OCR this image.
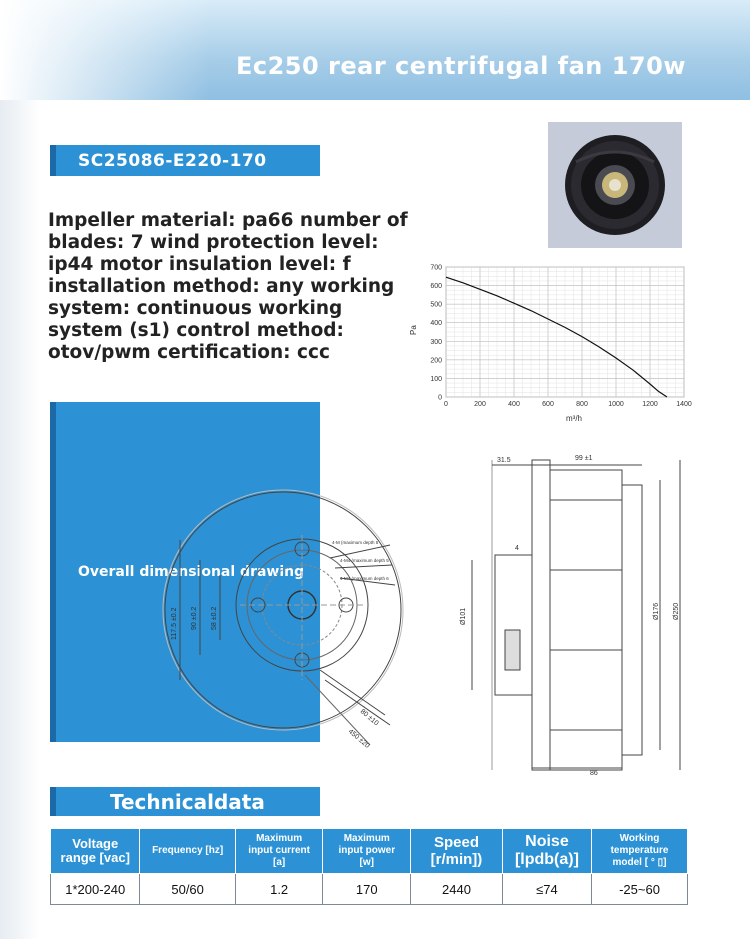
Ec250 rear centrifugal fan 170w
SC25086-E220-170
Impeller material: pa66 number of blades: 7 wind protection level: ip44 motor insulation level: f installation method: any working system: continuous working system (s1) control method: otov/pwm certification: ccc
0	200	400	600	800	1000	1200	1400
0
100
200
300
400
500
600
700
Pa
m³/h
Overall dimensional drawing
31.5	99 ±1
4
Ø101	Ø176 Ø250
86
117.5 ±0.2 90 ±0.2 58 ±0.2
80 ±10
450 ±20
4-M (maximum depth 5
4-M4 (maximum depth 5
4-M4 (maximum depth 6
Technicaldata
Voltage
range [vac]	Frequency [hz]	Maximum
input current
[a]	Maximum
input power
[w]	Speed
[r/min])	Noise
[lpdb(a)]	Working
temperature
model [ ° ▯]
1*200-240	50/60	1.2	170	2440	≤74	-25~60
